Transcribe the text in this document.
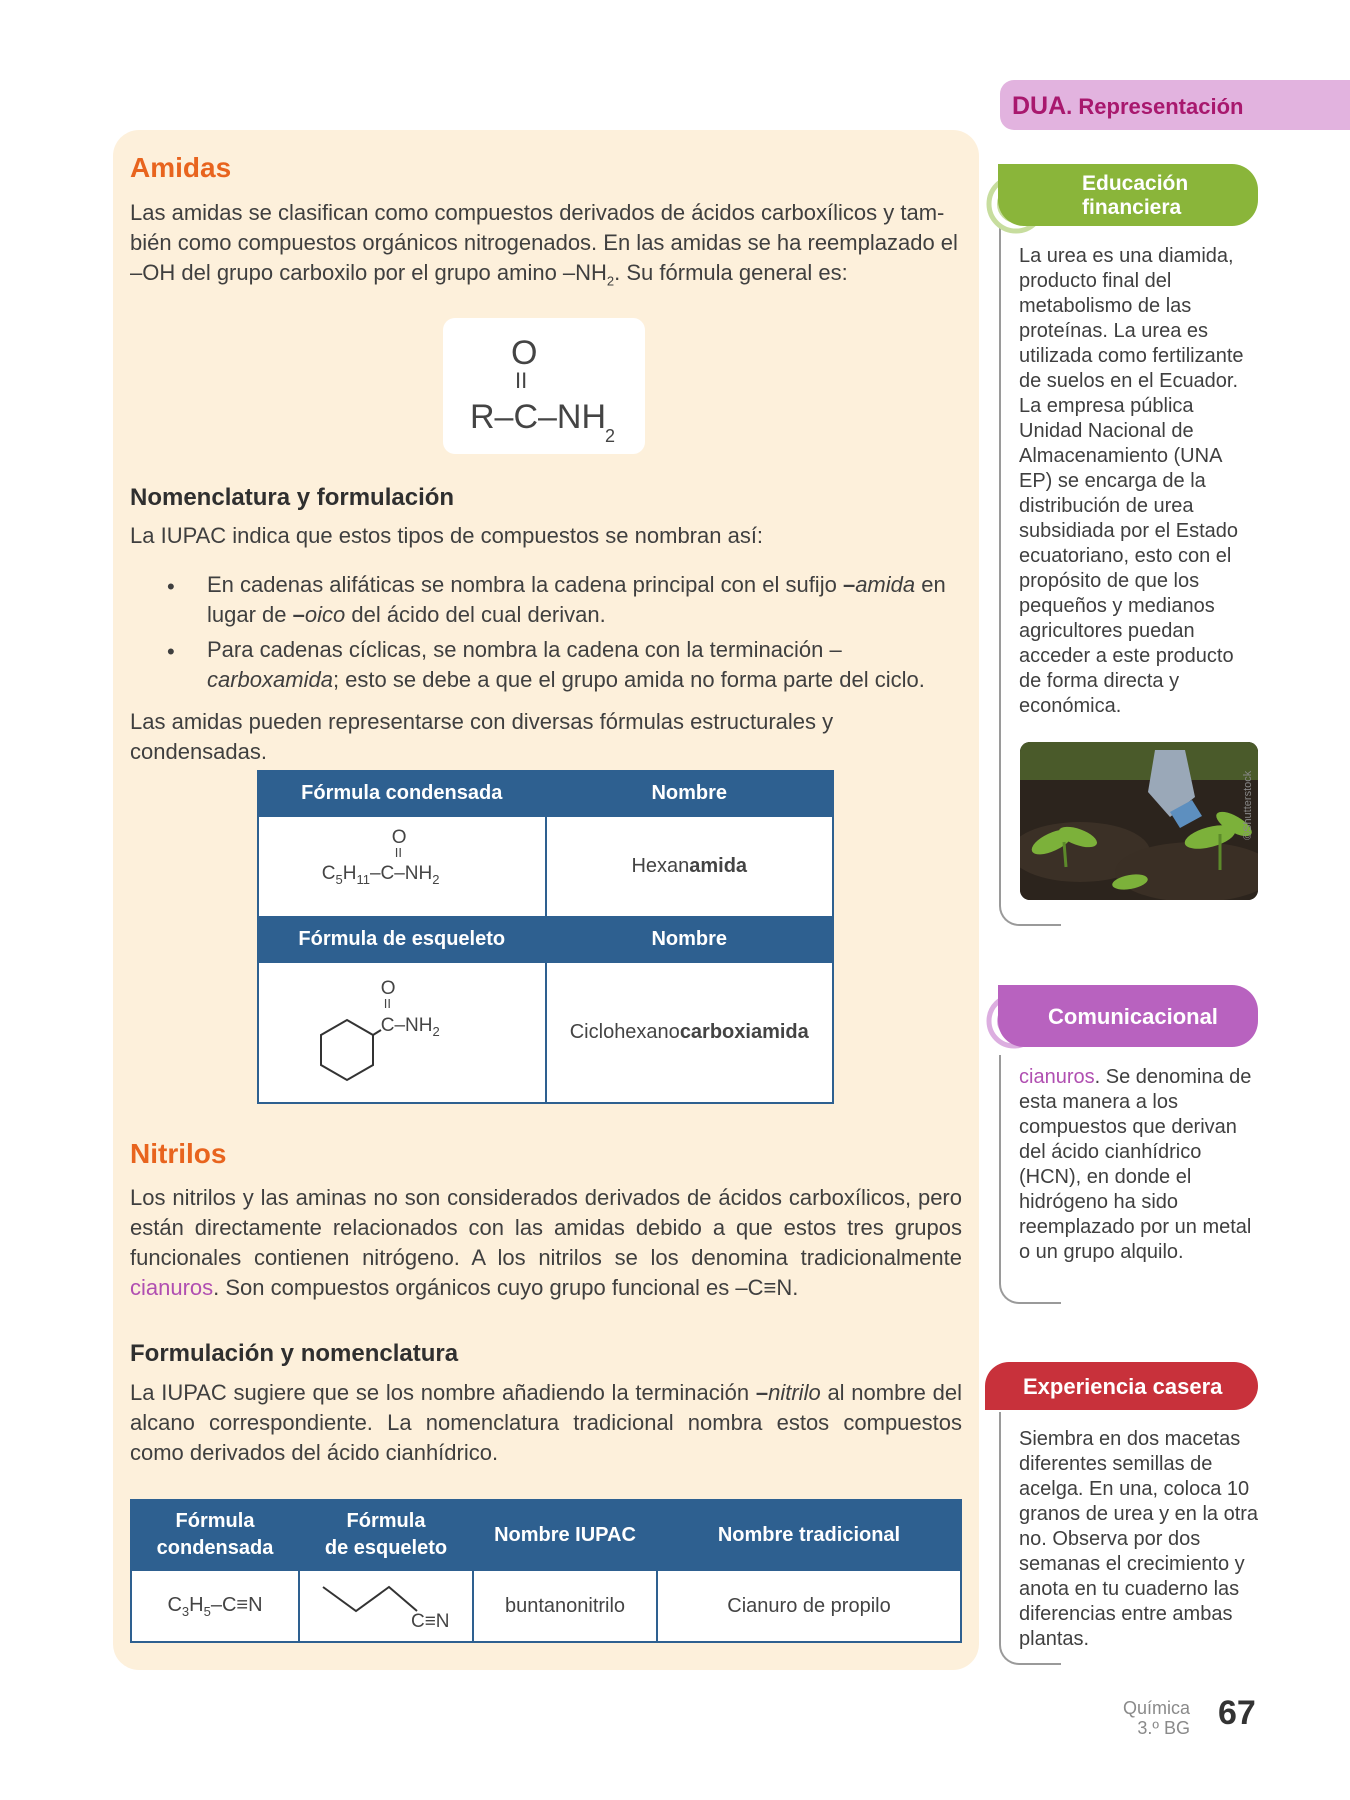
Amidas
Las amidas se clasifican como compuestos derivados de ácidos carboxílicos y tam-
bién como compuestos orgánicos nitrogenados. En las amidas se ha reemplazado el
–OH del grupo carboxilo por el grupo amino $-NH_2$. Su fórmula general es:
O
II
R–C–NH
2
Nomenclatura y formulación

La IUPAC indica que estos tipos de compuestos se nombran así:

• En cadenas alifáticas se nombra la cadena principal con el sufijo –amida en lugar de –oico del ácido del cual derivan.

• Para cadenas cíclicas, se nombra la cadena con la terminación –carboxamida; esto se debe a que el grupo amida no forma parte del ciclo.

Las amidas pueden representarse con diversas fórmulas estructurales y condensadas.

Fórmula condensada	Nombre

O
II
$C_5H_{11}-C-NH_2$	Hexanamida
Fórmula de esqueleto	Nombre

O
II
$C-NH_2$	Ciclohexanocarboxiamida
Nitrilos

Los nitrilos y las aminas no son considerados derivados de ácidos carboxílicos, pero están directamente relacionados con las amidas debido a que estos tres grupos funcionales contienen nitrógeno. A los nitrilos se los denomina tradicionalmente cianuros. Son compuestos orgánicos cuyo grupo funcional es –C≡N.

Formulación y nomenclatura

La IUPAC sugiere que se los nombre añadiendo la terminación –nitrilo al nombre del alcano correspondiente. La nomenclatura tradicional nombra estos compuestos como derivados del ácido cianhídrico.

Fórmula
condensada	Fórmula
de esqueleto	Nombre IUPAC	Nombre tradicional
$C_3H_5-C\equiv N$	C≡N	buntanonitrilo	Cianuro de propilo
DUA. Representación
Educación
financiera

La urea es una diamida, producto final del metabolismo de las proteínas. La urea es utilizada como fertilizante de suelos en el Ecuador. La empresa pública Unidad Nacional de Almacenamiento (UNA EP) se encarga de la distribución de urea subsidiada por el Estado ecuatoriano, esto con el propósito de que los pequeños y medianos agricultores puedan acceder a este producto de forma directa y económica.

©Shutterstock
Comunicacional

cianuros. Se denomina de esta manera a los compuestos que derivan del ácido cianhídrico (HCN), en donde el hidrógeno ha sido reemplazado por un metal o un grupo alquilo.

Experiencia casera

Siembra en dos macetas diferentes semillas de acelga. En una, coloca 10 granos de urea y en la otra no. Observa por dos semanas el crecimiento y anota en tu cuaderno las diferencias entre ambas plantas.

Química
3.º BG 67
